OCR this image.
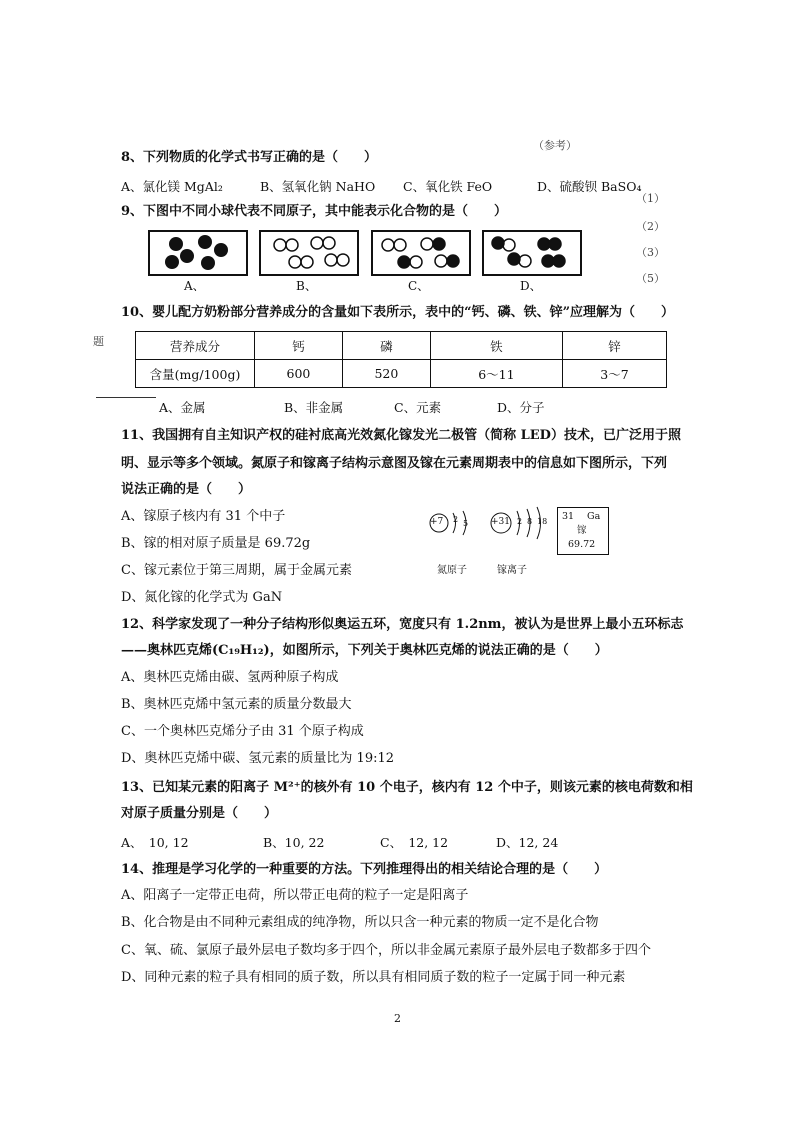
（参考）
（1）
（2）
（3）
（5）
题
8、下列物质的化学式书写正确的是（　　）
A、氯化镁 MgAl₂	B、氢氧化钠 NaHO C、氧化铁 FeO	D、硫酸钡 BaSO₄
9、下图中不同小球代表不同原子，其中能表示化合物的是（　　）
A、	B、	C、	D、
10、婴儿配方奶粉部分营养成分的含量如下表所示，表中的“钙、磷、铁、锌”应理解为（　　）
营养成分	钙	磷	铁	锌
含量(mg/100g)	600	520	6～11	3～7
A、金属	B、非金属	C、元素	D、分子
11、我国拥有自主知识产权的硅衬底高光效氮化镓发光二极管（简称 LED）技术，已广泛用于照
明、显示等多个领域。氮原子和镓离子结构示意图及镓在元素周期表中的信息如下图所示，下列
说法正确的是（　　）
A、镓原子核内有 31 个中子
B、镓的相对原子质量是 69.72g
C、镓元素位于第三周期，属于金属元素
D、氮化镓的化学式为 GaN
+7 2 5	+31 2 8 18
氮原子	镓离子
31 Ga
镓
69.72
12、科学家发现了一种分子结构形似奥运五环，宽度只有 1.2nm，被认为是世界上最小五环标志
——奥林匹克烯(C₁₉H₁₂)，如图所示，下列关于奥林匹克烯的说法正确的是（　　）
A、奥林匹克烯由碳、氢两种原子构成
B、奥林匹克烯中氢元素的质量分数最大
C、一个奥林匹克烯分子由 31 个原子构成
D、奥林匹克烯中碳、氢元素的质量比为 19:12
13、已知某元素的阳离子 M²⁺的核外有 10 个电子，核内有 12 个中子，则该元素的核电荷数和相
对原子质量分别是（　　）
A、　10, 12	B、10, 22	C、　12, 12	D、12, 24
14、推理是学习化学的一种重要的方法。下列推理得出的相关结论合理的是（　　）
A、阳离子一定带正电荷，所以带正电荷的粒子一定是阳离子
B、化合物是由不同种元素组成的纯净物，所以只含一种元素的物质一定不是化合物
C、氧、硫、氯原子最外层电子数均多于四个，所以非金属元素原子最外层电子数都多于四个
D、同种元素的粒子具有相同的质子数，所以具有相同质子数的粒子一定属于同一种元素
2
